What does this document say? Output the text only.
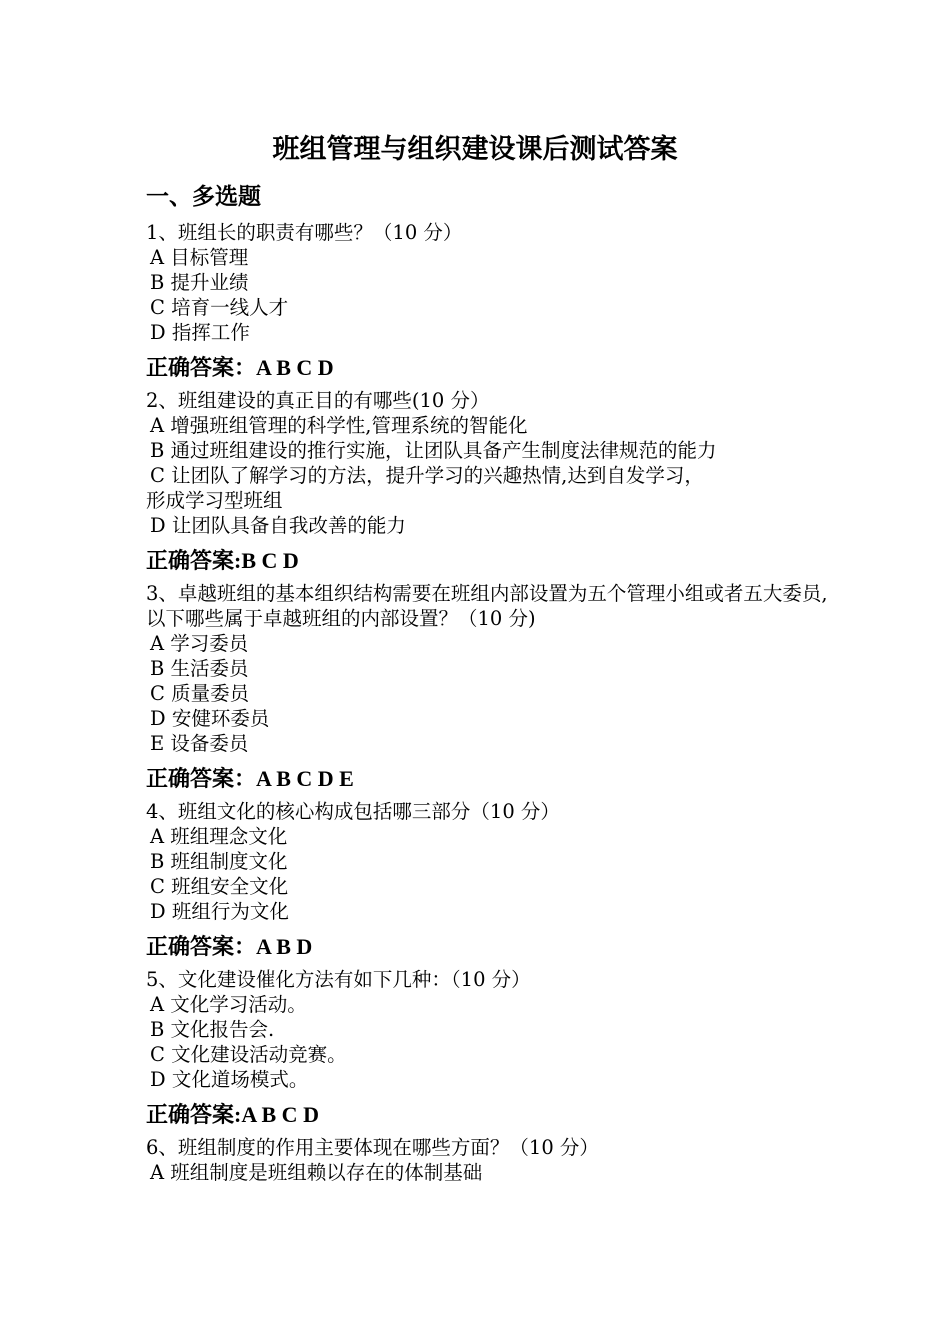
班组管理与组织建设课后测试答案
一、多选题

1、班组长的职责有哪些？（10 分）

A 目标管理

B 提升业绩

C 培育一线人才

D 指挥工作

正确答案：A B C D

2、班组建设的真正目的有哪些(10 分）

A 增强班组管理的科学性,管理系统的智能化

B 通过班组建设的推行实施，让团队具备产生制度法律规范的能力

C 让团队了解学习的方法，提升学习的兴趣热情,达到自发学习，

形成学习型班组

D 让团队具备自我改善的能力

正确答案:B C D

3、卓越班组的基本组织结构需要在班组内部设置为五个管理小组或者五大委员,以下哪些属于卓越班组的内部设置？（10 分)

A 学习委员

B 生活委员

C 质量委员

D 安健环委员

E 设备委员

正确答案：A B C D E

4、班组文化的核心构成包括哪三部分（10 分）

A 班组理念文化

B 班组制度文化

C 班组安全文化

D 班组行为文化

正确答案：A B D

5、文化建设催化方法有如下几种：（10 分）

A 文化学习活动。

B 文化报告会.

C 文化建设活动竞赛。

D 文化道场模式。

正确答案:A B C D

6、班组制度的作用主要体现在哪些方面？（10 分）

A 班组制度是班组赖以存在的体制基础
